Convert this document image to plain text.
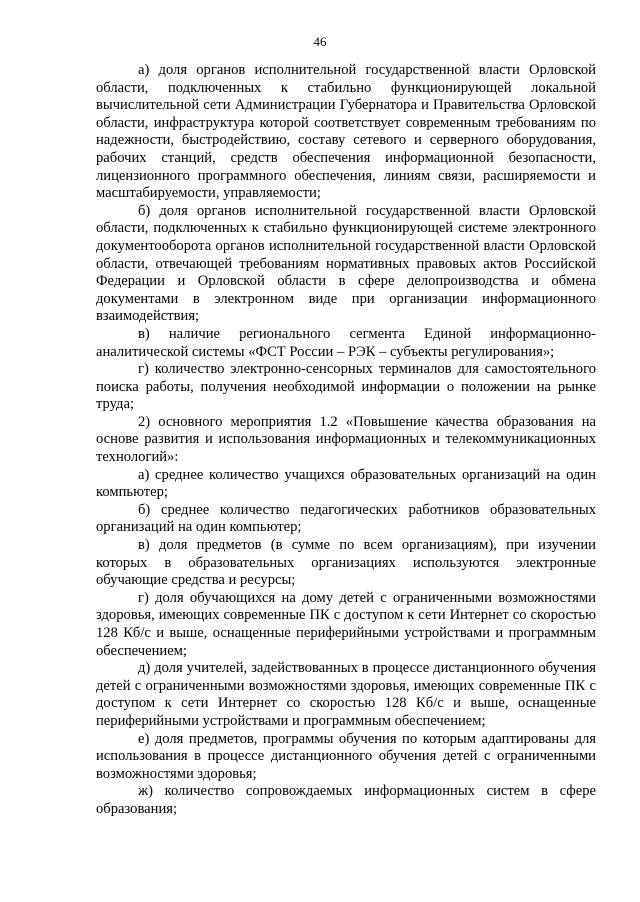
46

а) доля органов исполнительной государственной власти Орловской области, подключенных к стабильно функционирующей локальной вычислительной сети Администрации Губернатора и Правительства Орловской области, инфраструктура которой соответствует современным требованиям по надежности, быстродействию, составу сетевого и серверного оборудования, рабочих станций, средств обеспечения информационной безопасности, лицензионного программного обеспечения, линиям связи, расширяемости и масштабируемости, управляемости;

б) доля органов исполнительной государственной власти Орловской области, подключенных к стабильно функционирующей системе электронного документооборота органов исполнительной государственной власти Орловской области, отвечающей требованиям нормативных правовых актов Российской Федерации и Орловской области в сфере делопроизводства и обмена документами в электронном виде при организации информационного взаимодействия;

в) наличие регионального сегмента Единой информационно-аналитической системы «ФСТ России – РЭК – субъекты регулирования»;

г) количество электронно-сенсорных терминалов для самостоятельного поиска работы, получения необходимой информации о положении на рынке труда;

2) основного мероприятия 1.2 «Повышение качества образования на основе развития и использования информационных и телекоммуникационных технологий»:

а) среднее количество учащихся образовательных организаций на один компьютер;

б) среднее количество педагогических работников образовательных организаций на один компьютер;

в) доля предметов (в сумме по всем организациям), при изучении которых в образовательных организациях используются электронные обучающие средства и ресурсы;

г) доля обучающихся на дому детей с ограниченными возможностями здоровья, имеющих современные ПК с доступом к сети Интернет со скоростью 128 Кб/с и выше, оснащенные периферийными устройствами и программным обеспечением;

д) доля учителей, задействованных в процессе дистанционного обучения детей с ограниченными возможностями здоровья, имеющих современные ПК с доступом к сети Интернет со скоростью 128 Кб/с и выше, оснащенные периферийными устройствами и программным обеспечением;

е) доля предметов, программы обучения по которым адаптированы для использования в процессе дистанционного обучения детей с ограниченными возможностями здоровья;

ж) количество сопровождаемых информационных систем в сфере образования;
